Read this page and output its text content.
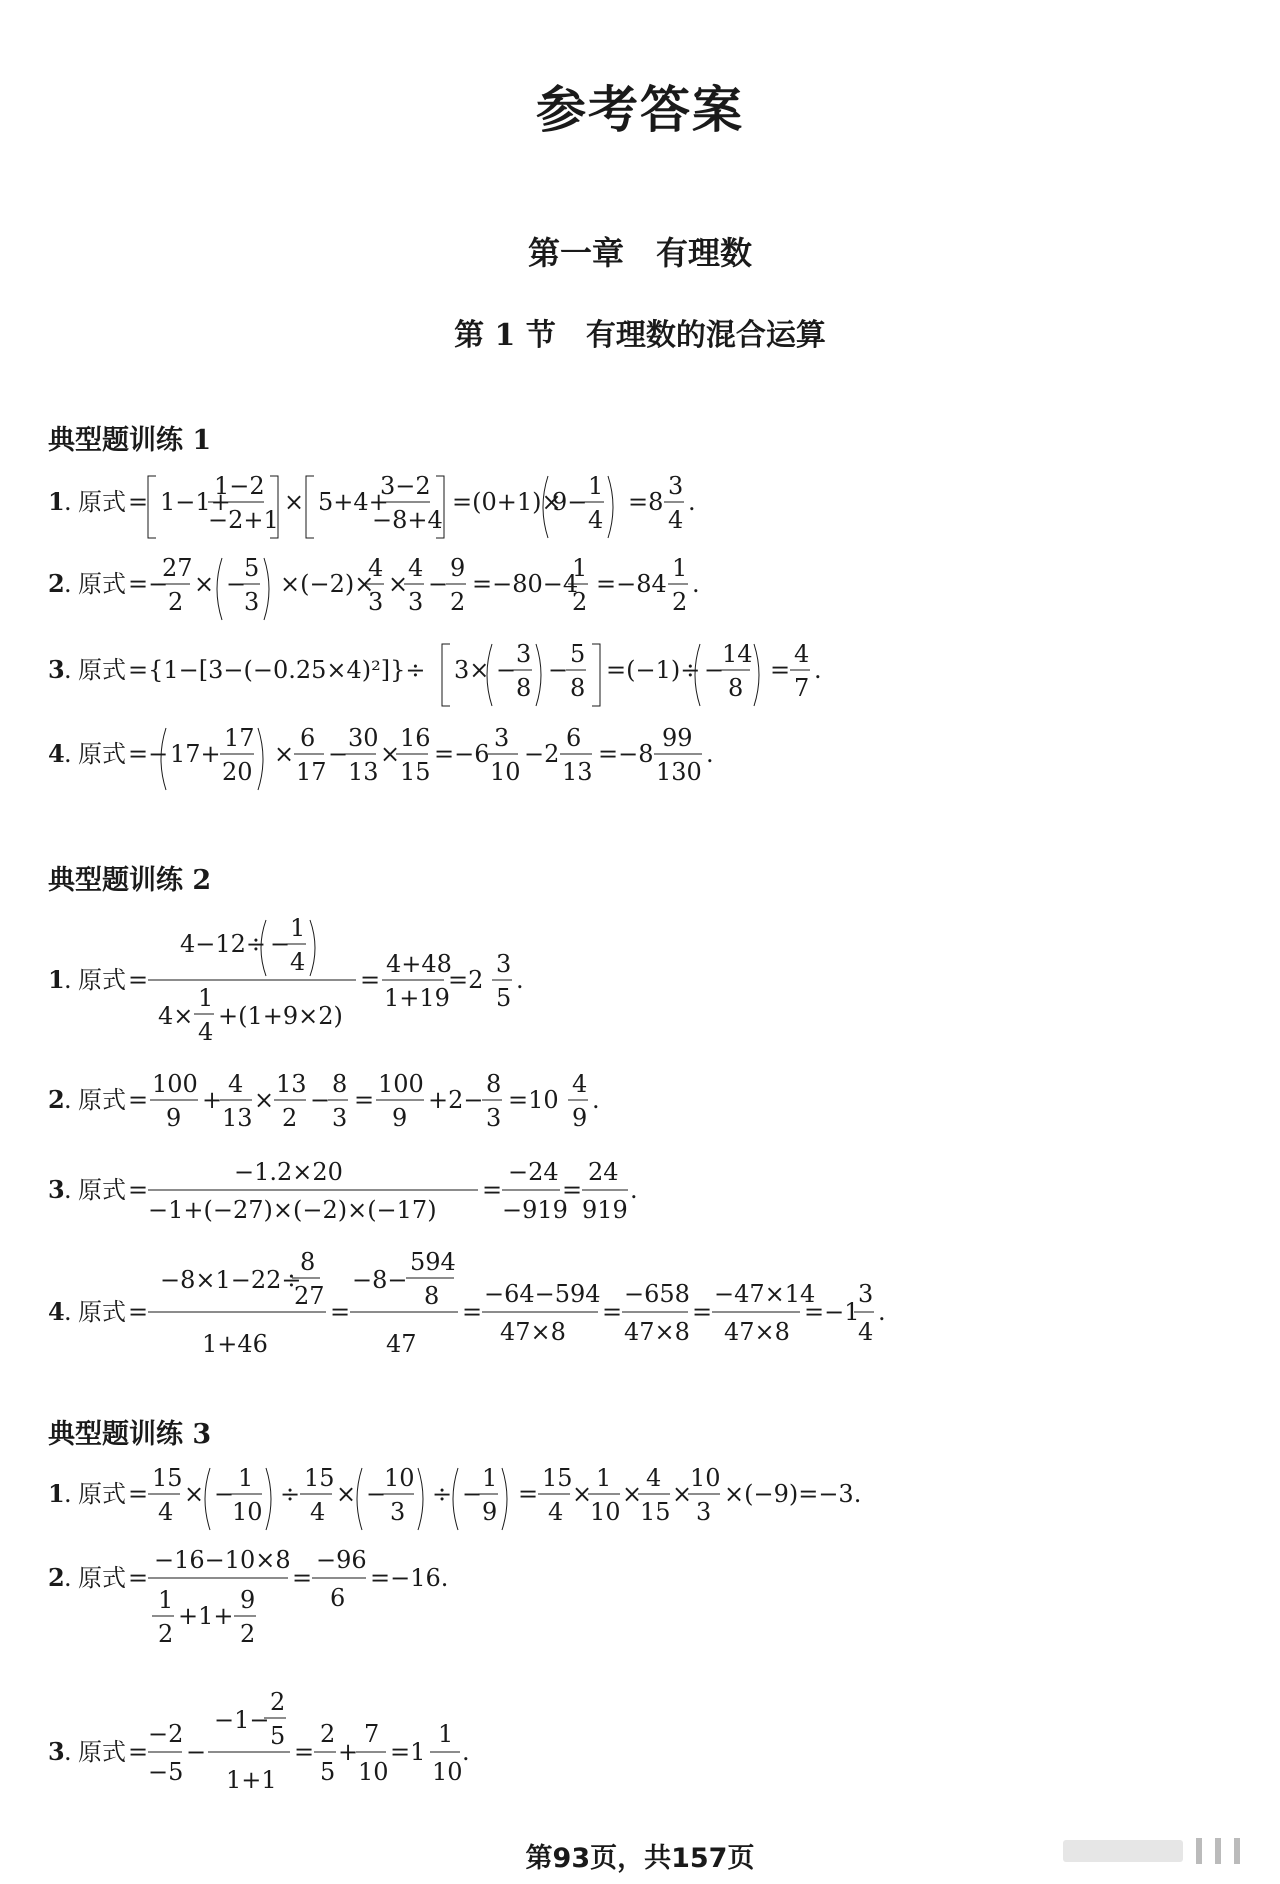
参考答案
第一章　有理数
第 1 节　有理数的混合运算
典型题训练 1
1 . 原式 = 1−1+
1−2
−2+1
× 5+4+
3−2
−8+4
=(0+1)×
9−
1
4
=8
3
4
.
2 . 原式 =−
27
2
× −
5
3
×(−2)×
4
3
×
4
3
−
9
2
=−80−4
1
2
=−84
1
2
.
3 . 原式 ={1−[3−(−0.25×4)²]}÷ 3× −
3
8
−
5
8
=(−1)÷ −
14
8
=
4
7
.
4 . 原式 =− 17+
17
20
×
6
17
−
30
13
×
16
15
=−6
3
10
−2
6
13
=−8
99
130
.
典型题训练 2
1 . 原式 =
4−12÷ −
1
4
4×
1
4
+(1+9×2)
=
4+48
1+19
=2
3
5
.
2 . 原式 =
100
9
+
4
13
×
13
2
−
8
3
=
100
9
+2−
8
3
=10
4
9
.
3 . 原式 =
−1.2×20
−1+(−27)×(−2)×(−17)
=
−24
−919
=
24
919
.
4 . 原式 =
−8×1−22÷
8
27
1+46
=
−8−
594
8
47
=
−64−594
47×8
=
−658
47×8
=
−47×14
47×8
=−1
3
4
.
典型题训练 3
1 . 原式 =
15
4
× −
1
10
÷
15
4
× −
10
3
÷ −
1
9
=
15
4
×
1
10
×
4
15
×
10
3
×(−9)=−3.
2 . 原式 =
−16−10×8
1
2
+1+
9
2
=
−96
6
=−16.
3 . 原式 =
−2
−5
−
−1−
2
5
1+1
=
2
5
+
7
10
=1
1
10
.
第93页，共157页
